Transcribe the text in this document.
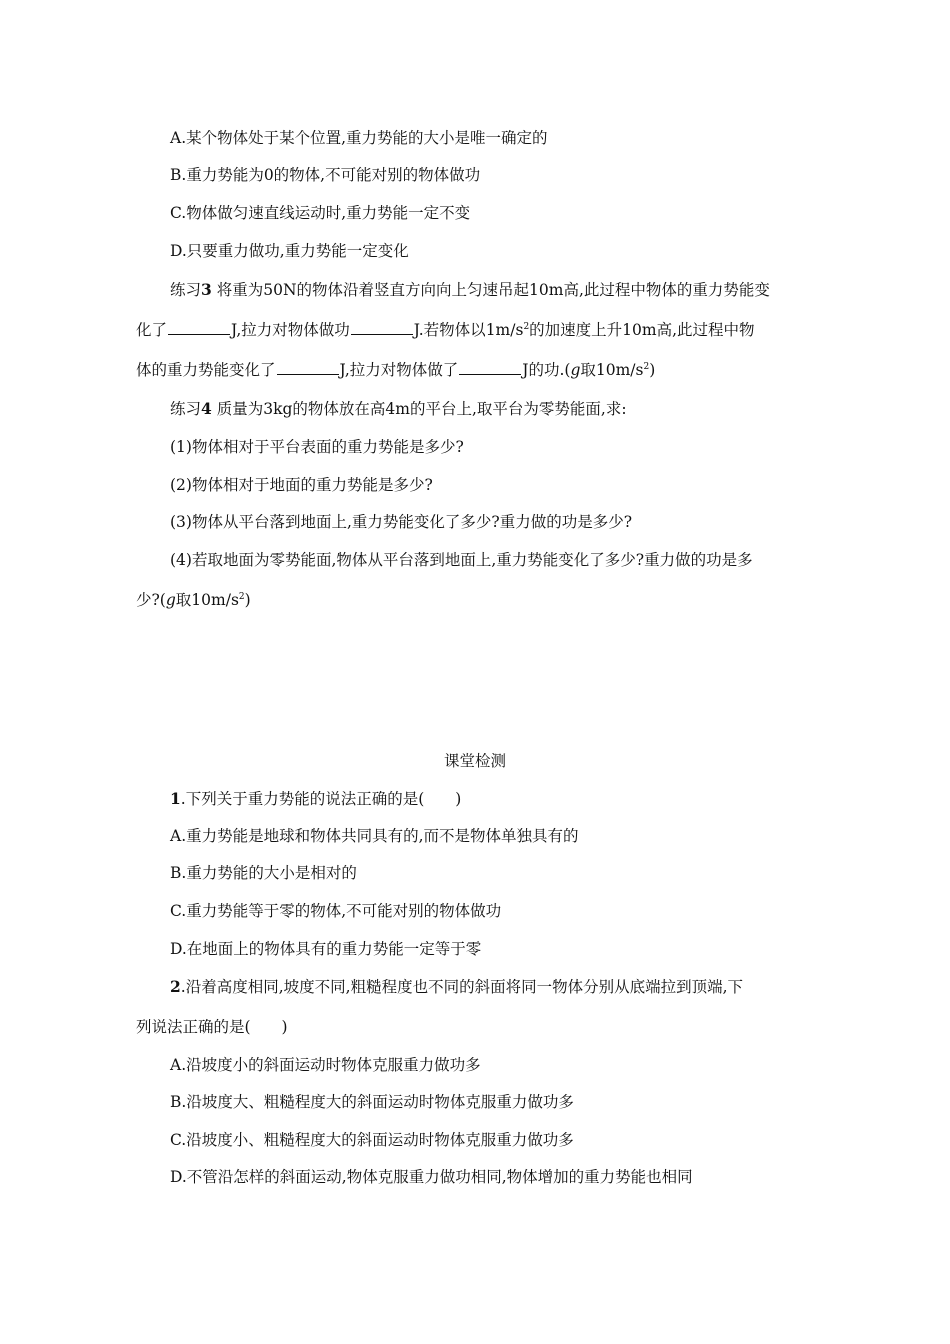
A.某个物体处于某个位置,重力势能的大小是唯一确定的
B.重力势能为0的物体,不可能对别的物体做功
C.物体做匀速直线运动时,重力势能一定不变
D.只要重力做功,重力势能一定变化
练习3 将重为50N的物体沿着竖直方向向上匀速吊起10m高,此过程中物体的重力势能变
化了	J,拉力对物体做功	J.若物体以$1m/s^2$的加速度上升10m高,此过程中物
体的重力势能变化了	J,拉力对物体做了	J的功.(g取$10m/s^2$)
练习4 质量为3kg的物体放在高4m的平台上,取平台为零势能面,求:
(1)物体相对于平台表面的重力势能是多少?
(2)物体相对于地面的重力势能是多少?
(3)物体从平台落到地面上,重力势能变化了多少?重力做的功是多少?
(4)若取地面为零势能面,物体从平台落到地面上,重力势能变化了多少?重力做的功是多
少?(g取$10m/s^2$)
课堂检测
1.下列关于重力势能的说法正确的是(　　)
A.重力势能是地球和物体共同具有的,而不是物体单独具有的
B.重力势能的大小是相对的
C.重力势能等于零的物体,不可能对别的物体做功
D.在地面上的物体具有的重力势能一定等于零
2.沿着高度相同,坡度不同,粗糙程度也不同的斜面将同一物体分别从底端拉到顶端,下
列说法正确的是(　　)
A.沿坡度小的斜面运动时物体克服重力做功多
B.沿坡度大、粗糙程度大的斜面运动时物体克服重力做功多
C.沿坡度小、粗糙程度大的斜面运动时物体克服重力做功多
D.不管沿怎样的斜面运动,物体克服重力做功相同,物体增加的重力势能也相同
